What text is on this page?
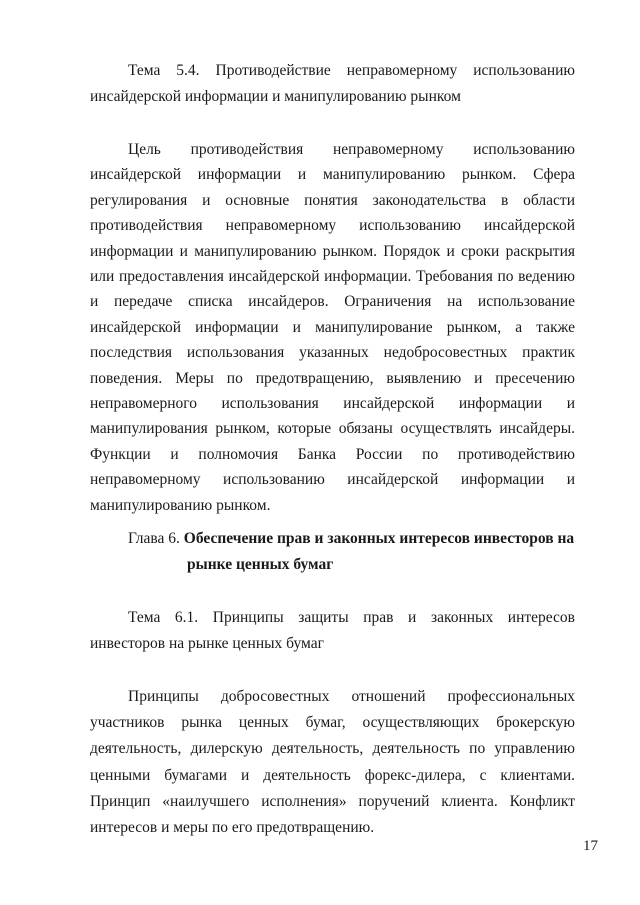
Тема 5.4. Противодействие неправомерному использованию инсайдерской информации и манипулированию рынком

Цель противодействия неправомерному использованию инсайдерской информации и манипулированию рынком. Сфера регулирования и основные понятия законодательства в области противодействия неправомерному использованию инсайдерской информации и манипулированию рынком. Порядок и сроки раскрытия или предоставления инсайдерской информации. Требования по ведению и передаче списка инсайдеров. Ограничения на использование инсайдерской информации и манипулирование рынком, а также последствия использования указанных недобросовестных практик поведения. Меры по предотвращению, выявлению и пресечению неправомерного использования инсайдерской информации и манипулирования рынком, которые обязаны осуществлять инсайдеры. Функции и полномочия Банка России по противодействию неправомерному использованию инсайдерской информации и манипулированию рынком.

Глава 6. Обеспечение прав и законных интересов инвесторов на
рынке ценных бумаг

Тема 6.1. Принципы защиты прав и законных интересов инвесторов на рынке ценных бумаг

Принципы добросовестных отношений профессиональных участников рынка ценных бумаг, осуществляющих брокерскую деятельность, дилерскую деятельность, деятельность по управлению ценными бумагами и деятельность форекс-дилера, с клиентами. Принцип «наилучшего исполнения» поручений клиента. Конфликт интересов и меры по его предотвращению.

17
